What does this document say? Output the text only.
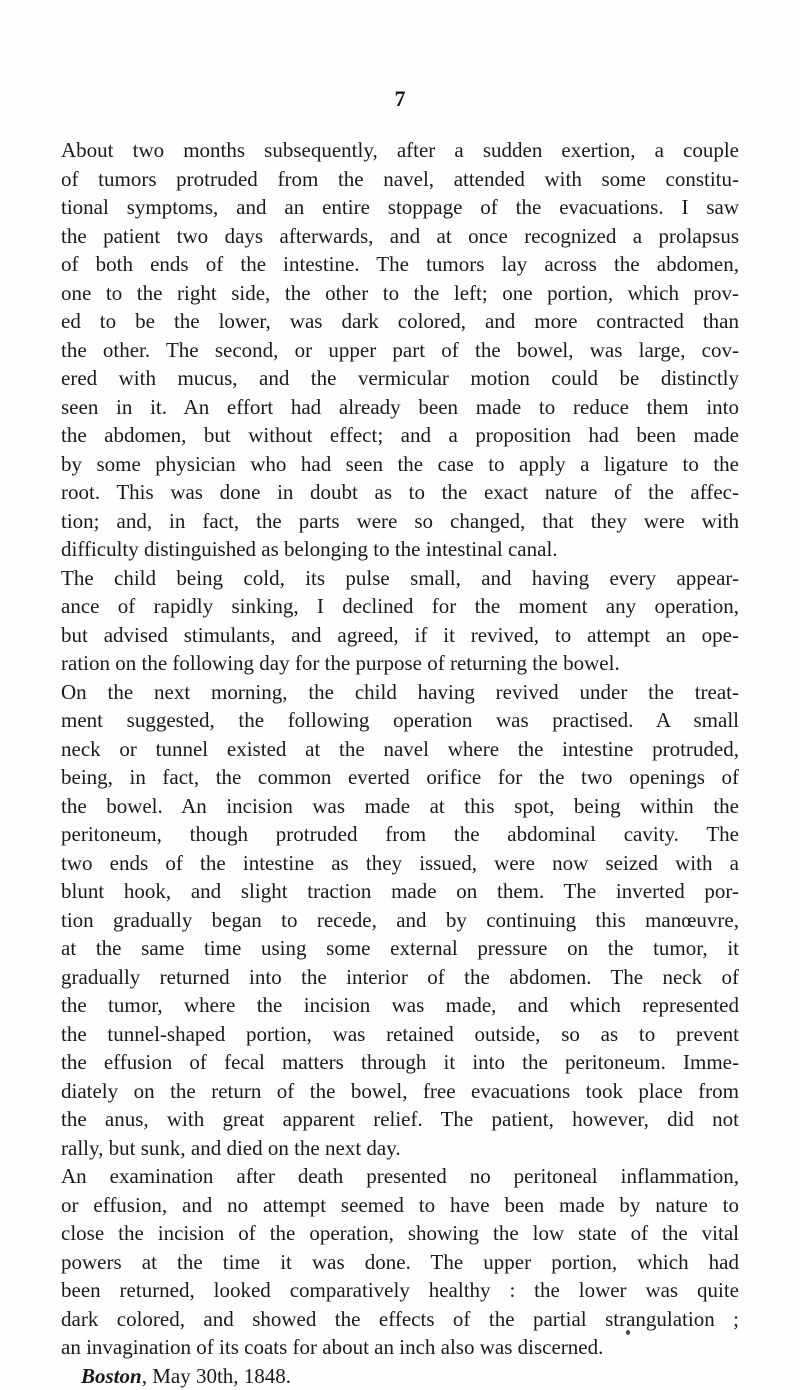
7
About two months subsequently, after a sudden exertion, a couple
of tumors protruded from the navel, attended with some constitu-
tional symptoms, and an entire stoppage of the evacuations. I saw
the patient two days afterwards, and at once recognized a prolapsus
of both ends of the intestine. The tumors lay across the abdomen,
one to the right side, the other to the left; one portion, which prov-
ed to be the lower, was dark colored, and more contracted than
the other. The second, or upper part of the bowel, was large, cov-
ered with mucus, and the vermicular motion could be distinctly
seen in it. An effort had already been made to reduce them into
the abdomen, but without effect; and a proposition had been made
by some physician who had seen the case to apply a ligature to the
root. This was done in doubt as to the exact nature of the affec-
tion; and, in fact, the parts were so changed, that they were with
difficulty distinguished as belonging to the intestinal canal.
The child being cold, its pulse small, and having every appear-
ance of rapidly sinking, I declined for the moment any operation,
but advised stimulants, and agreed, if it revived, to attempt an ope-
ration on the following day for the purpose of returning the bowel.
On the next morning, the child having revived under the treat-
ment suggested, the following operation was practised. A small
neck or tunnel existed at the navel where the intestine protruded,
being, in fact, the common everted orifice for the two openings of
the bowel. An incision was made at this spot, being within the
peritoneum, though protruded from the abdominal cavity. The
two ends of the intestine as they issued, were now seized with a
blunt hook, and slight traction made on them. The inverted por-
tion gradually began to recede, and by continuing this manœuvre,
at the same time using some external pressure on the tumor, it
gradually returned into the interior of the abdomen. The neck of
the tumor, where the incision was made, and which represented
the tunnel-shaped portion, was retained outside, so as to prevent
the effusion of fecal matters through it into the peritoneum. Imme-
diately on the return of the bowel, free evacuations took place from
the anus, with great apparent relief. The patient, however, did not
rally, but sunk, and died on the next day.
An examination after death presented no peritoneal inflammation,
or effusion, and no attempt seemed to have been made by nature to
close the incision of the operation, showing the low state of the vital
powers at the time it was done. The upper portion, which had
been returned, looked comparatively healthy : the lower was quite
dark colored, and showed the effects of the partial strangulation ;
an invagination of its coats for about an inch also was discerned.
Boston, May 30th, 1848.
